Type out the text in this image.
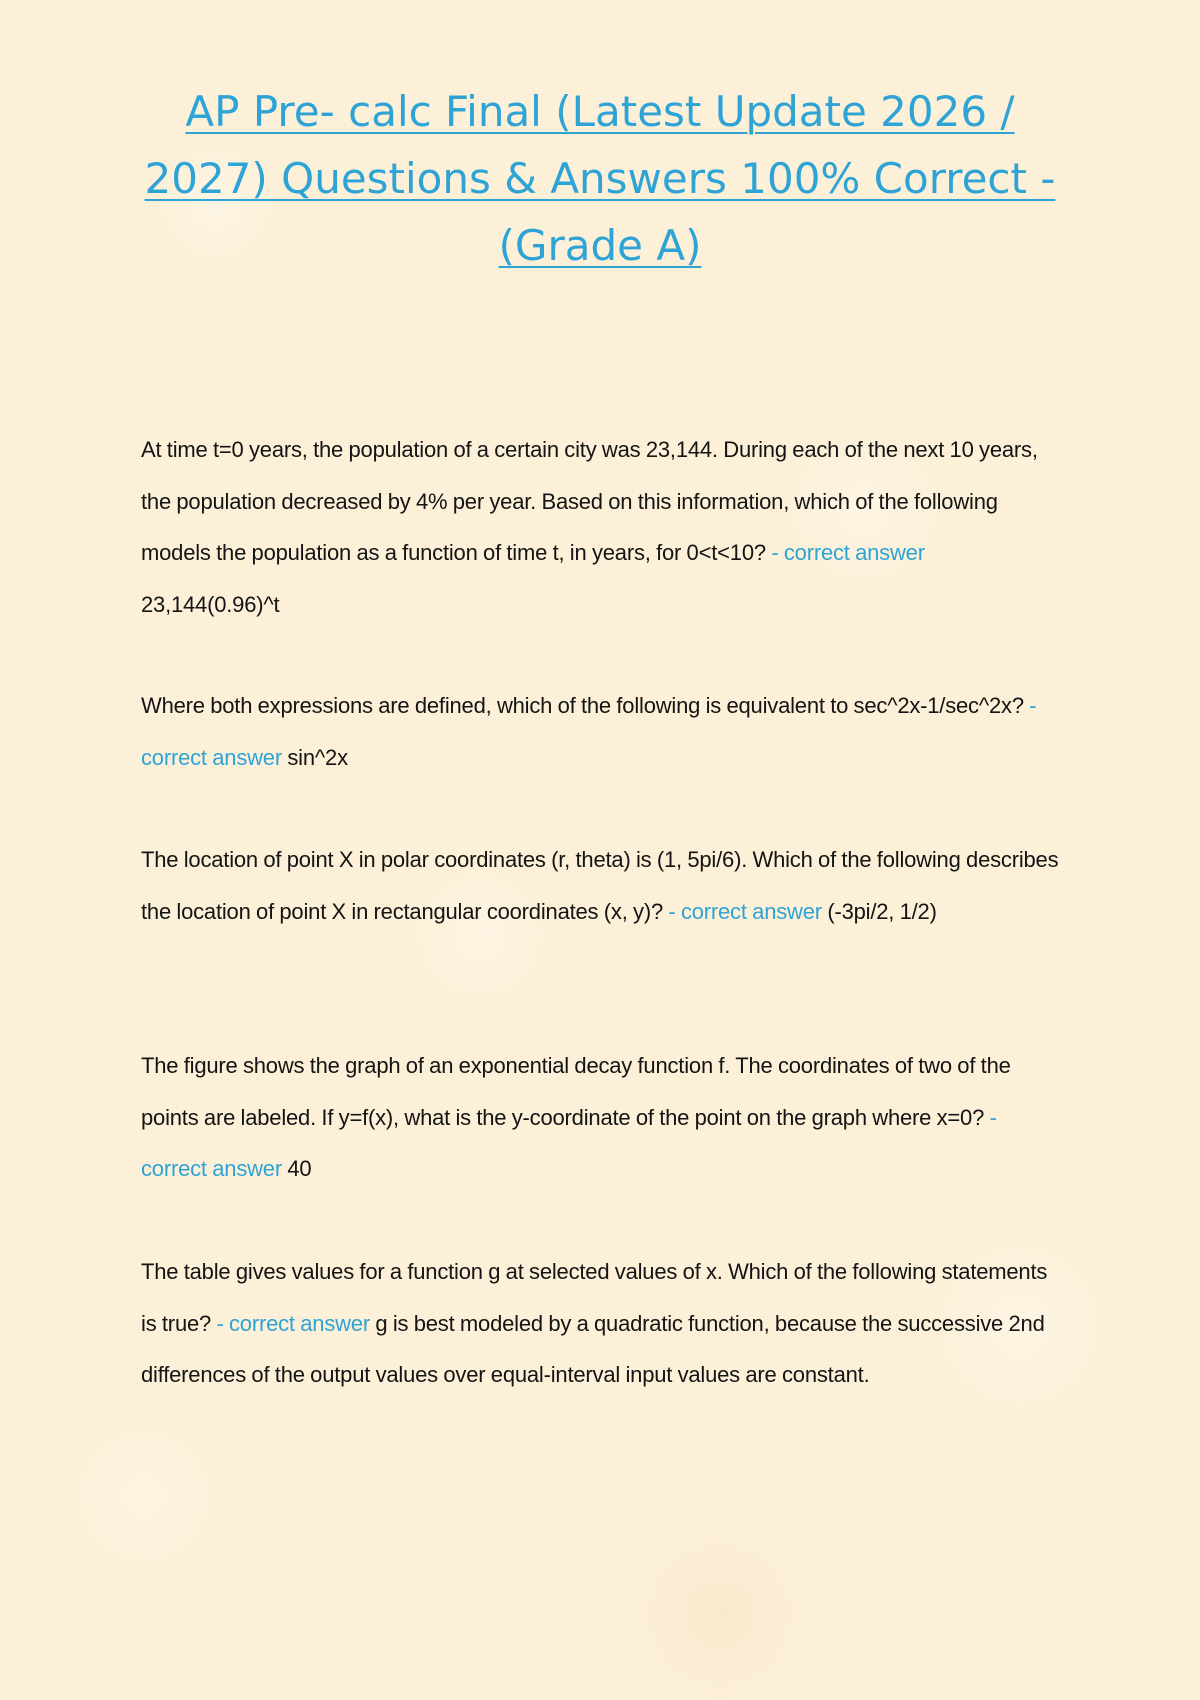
AP Pre- calc Final (Latest Update 2026 / 2027) Questions & Answers 100% Correct - (Grade A)

At time t=0 years, the population of a certain city was 23,144. During each of the next 10 years, the population decreased by 4% per year. Based on this information, which of the following models the population as a function of time t, in years, for 0<t<10? - correct answer 23,144(0.96)^t

Where both expressions are defined, which of the following is equivalent to sec^2x-1/sec^2x? - correct answer sin^2x

The location of point X in polar coordinates (r, theta) is (1, 5pi/6). Which of the following describes the location of point X in rectangular coordinates (x, y)? - correct answer (-3pi/2, 1/2)

The figure shows the graph of an exponential decay function f. The coordinates of two of the points are labeled. If y=f(x), what is the y-coordinate of the point on the graph where x=0? - correct answer 40

The table gives values for a function g at selected values of x. Which of the following statements is true? - correct answer g is best modeled by a quadratic function, because the successive 2nd differences of the output values over equal-interval input values are constant.
